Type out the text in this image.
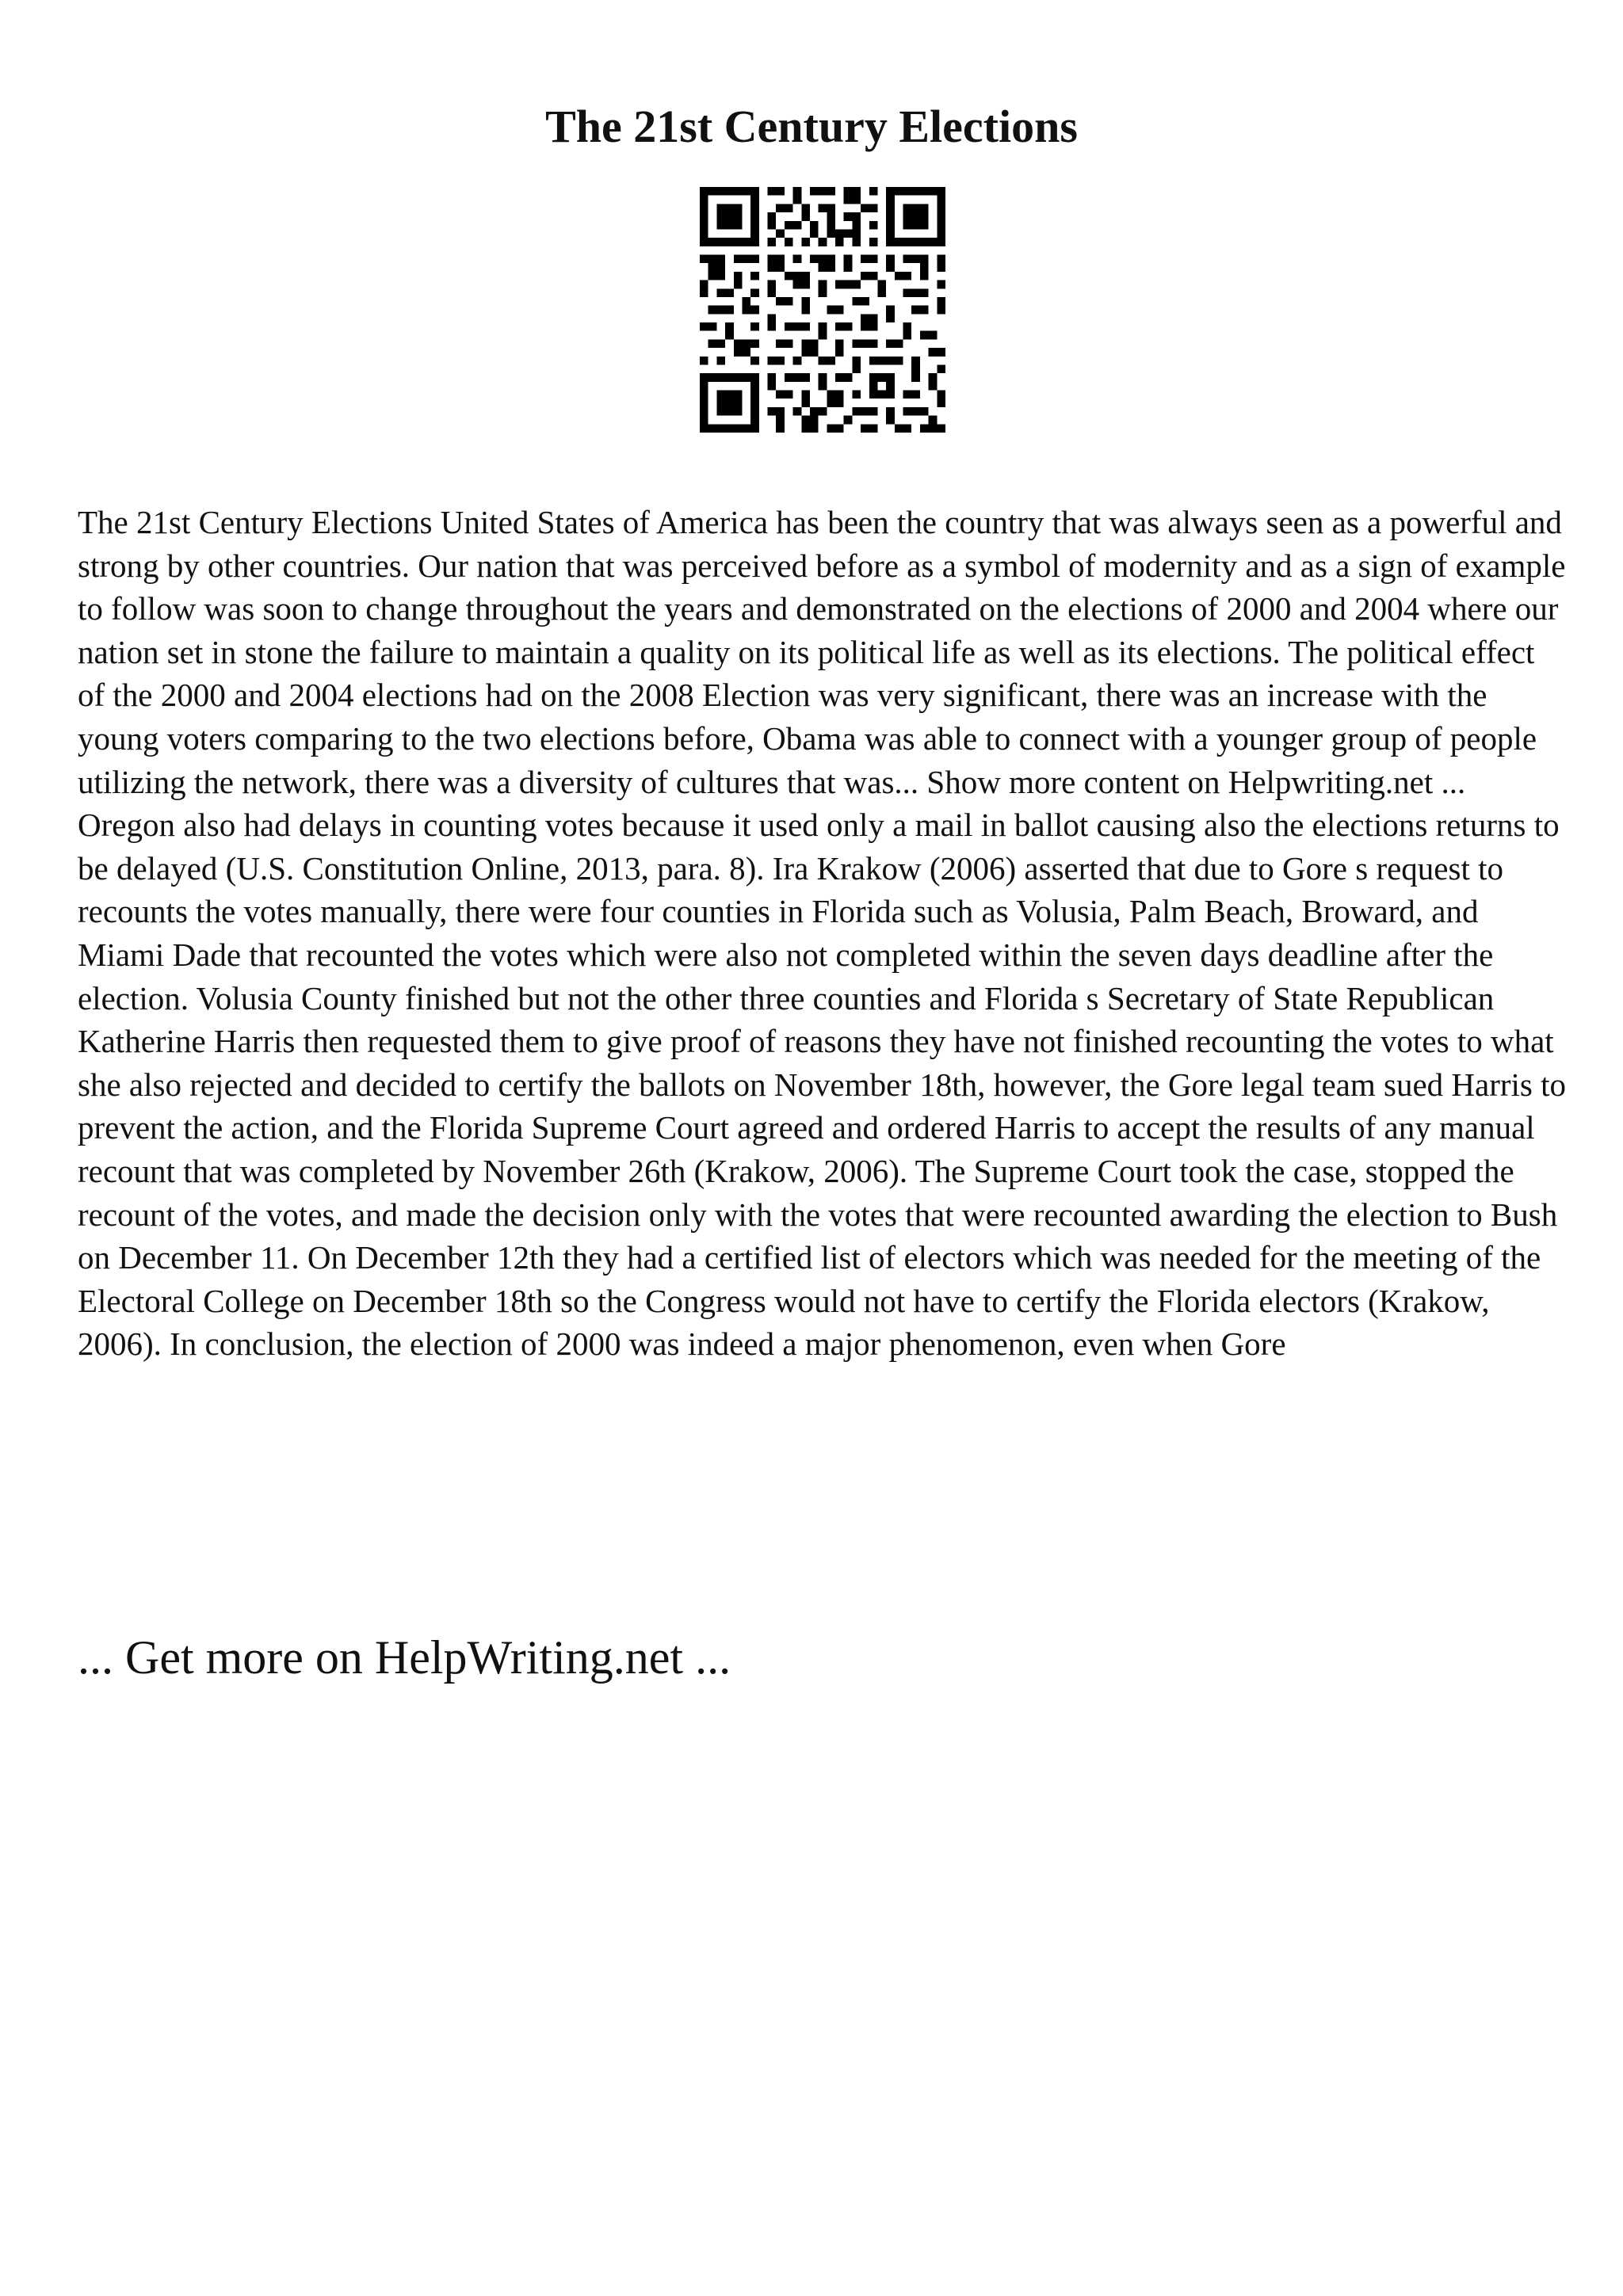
The 21st Century Elections

The 21st Century Elections United States of America has been the country that was always seen as a powerful and strong by other countries. Our nation that was perceived before as a symbol of modernity and as a sign of example to follow was soon to change throughout the years and demonstrated on the elections of 2000 and 2004 where our nation set in stone the failure to maintain a quality on its political life as well as its elections. The political effect of the 2000 and 2004 elections had on the 2008 Election was very significant, there was an increase with the young voters comparing to the two elections before, Obama was able to connect with a younger group of people utilizing the network, there was a diversity of cultures that was... Show more content on Helpwriting.net ...

Oregon also had delays in counting votes because it used only a mail in ballot causing also the elections returns to be delayed (U.S. Constitution Online, 2013, para. 8). Ira Krakow (2006) asserted that due to Gore s request to recounts the votes manually, there were four counties in Florida such as Volusia, Palm Beach, Broward, and Miami Dade that recounted the votes which were also not completed within the seven days deadline after the election. Volusia County finished but not the other three counties and Florida s Secretary of State Republican Katherine Harris then requested them to give proof of reasons they have not finished recounting the votes to what she also rejected and decided to certify the ballots on November 18th, however, the Gore legal team sued Harris to prevent the action, and the Florida Supreme Court agreed and ordered Harris to accept the results of any manual recount that was completed by November 26th (Krakow, 2006). The Supreme Court took the case, stopped the recount of the votes, and made the decision only with the votes that were recounted awarding the election to Bush on December 11. On December 12th they had a certified list of electors which was needed for the meeting of the Electoral College on December 18th so the Congress would not have to certify the Florida electors (Krakow, 2006). In conclusion, the election of 2000 was indeed a major phenomenon, even when Gore

... Get more on HelpWriting.net ...
